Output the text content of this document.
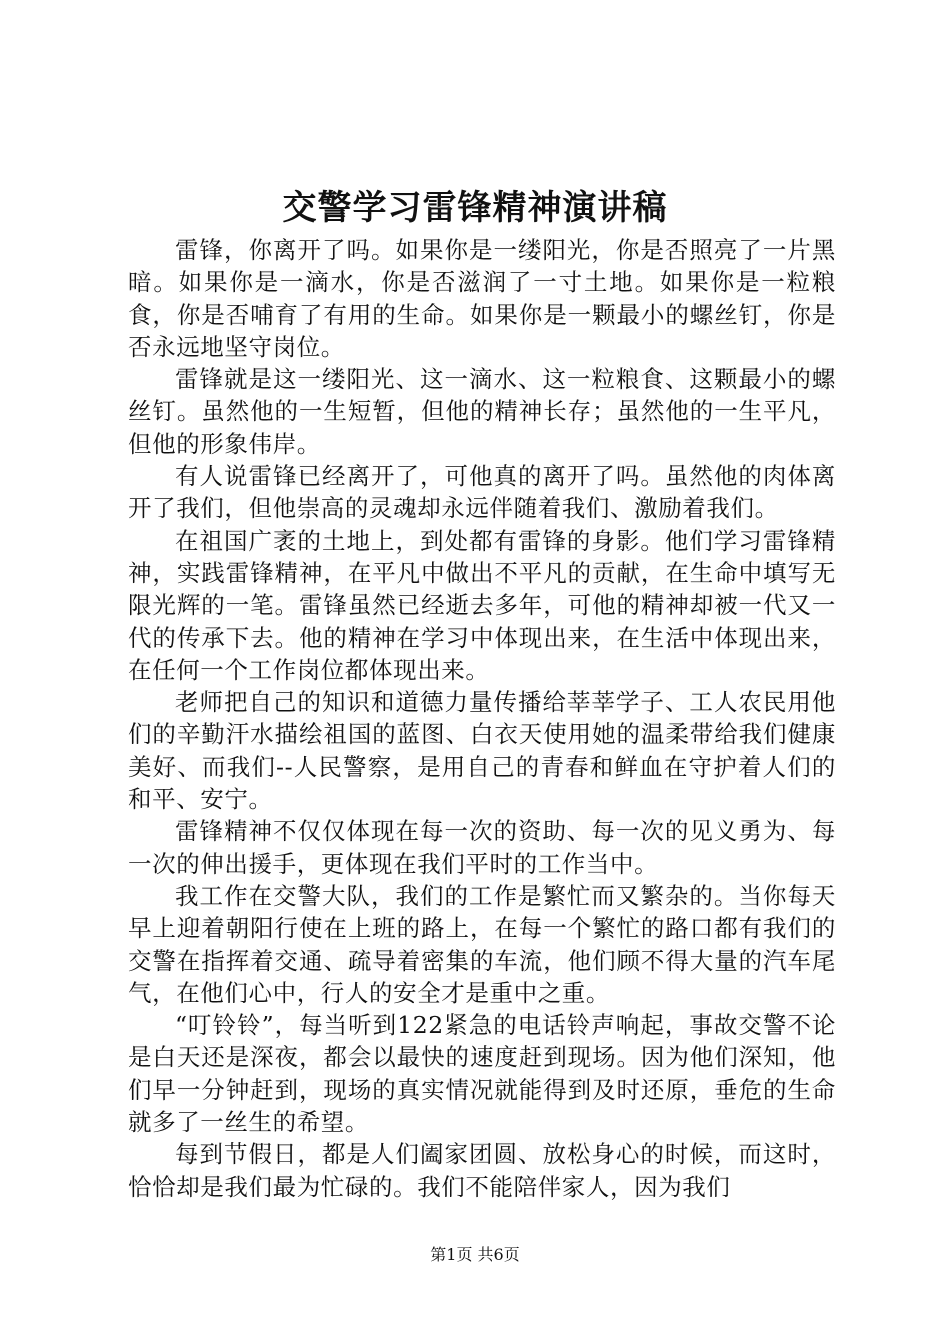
交警学习雷锋精神演讲稿

雷锋，你离开了吗。如果你是一缕阳光，你是否照亮了一片黑暗。如果你是一滴水，你是否滋润了一寸土地。如果你是一粒粮食，你是否哺育了有用的生命。如果你是一颗最小的螺丝钉，你是否永远地坚守岗位。

雷锋就是这一缕阳光、这一滴水、这一粒粮食、这颗最小的螺丝钉。虽然他的一生短暂，但他的精神长存；虽然他的一生平凡，但他的形象伟岸。

有人说雷锋已经离开了，可他真的离开了吗。虽然他的肉体离开了我们，但他崇高的灵魂却永远伴随着我们、激励着我们。

在祖国广袤的土地上，到处都有雷锋的身影。他们学习雷锋精神，实践雷锋精神，在平凡中做出不平凡的贡献，在生命中填写无限光辉的一笔。雷锋虽然已经逝去多年，可他的精神却被一代又一代的传承下去。他的精神在学习中体现出来，在生活中体现出来，在任何一个工作岗位都体现出来。

老师把自己的知识和道德力量传播给莘莘学子、工人农民用他们的辛勤汗水描绘祖国的蓝图、白衣天使用她的温柔带给我们健康美好、而我们--人民警察，是用自己的青春和鲜血在守护着人们的和平、安宁。

雷锋精神不仅仅体现在每一次的资助、每一次的见义勇为、每一次的伸出援手，更体现在我们平时的工作当中。

我工作在交警大队，我们的工作是繁忙而又繁杂的。当你每天早上迎着朝阳行使在上班的路上，在每一个繁忙的路口都有我们的交警在指挥着交通、疏导着密集的车流，他们顾不得大量的汽车尾气，在他们心中，行人的安全才是重中之重。

“叮铃铃”，每当听到122紧急的电话铃声响起，事故交警不论是白天还是深夜，都会以最快的速度赶到现场。因为他们深知，他们早一分钟赶到，现场的真实情况就能得到及时还原，垂危的生命就多了一丝生的希望。

每到节假日，都是人们阖家团圆、放松身心的时候，而这时，恰恰却是我们最为忙碌的。我们不能陪伴家人，因为我们

第1页 共6页
